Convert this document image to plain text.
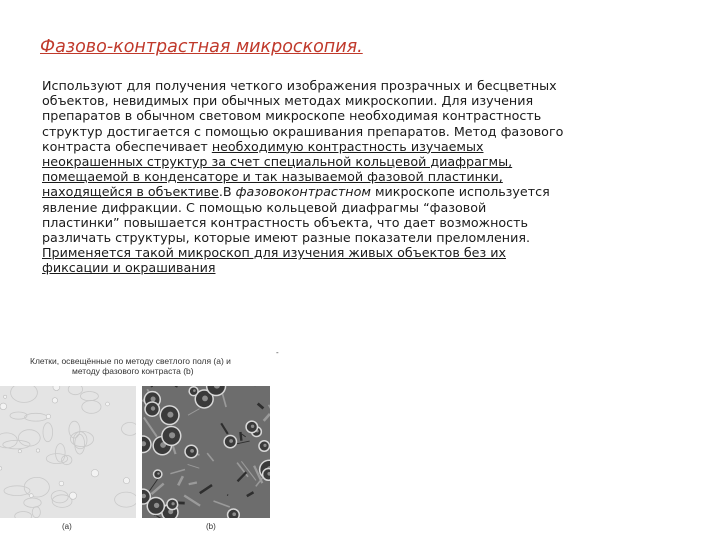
Фазово-контрастная микроскопия.
Используют для получения четкого изображения прозрачных и бесцветных
объектов, невидимых при обычных методах микроскопии. Для изучения
препаратов в обычном световом микроскопе необходимая контрастность
структур достигается с помощью окрашивания препаратов. Метод фазового
контраста обеспечивает необходимую контрастность изучаемых
неокрашенных структур за счет специальной кольцевой диафрагмы,
помещаемой в конденсаторе и так называемой фазовой пластинки,
находящейся в объективе.В фазовоконтрастном микроскопе используется
явление дифракции. С помощью кольцевой диафрагмы “фазовой
пластинки” повышается контрастность объекта, что дает возможность
различать структуры, которые имеют разные показатели преломления.
Применяется такой микроскоп для изучения живых объектов без их
фиксации и окрашивания
Клетки, освещённые по методу светлого поля (a) и
методу фазового контраста (b)
-
(a)	(b)
